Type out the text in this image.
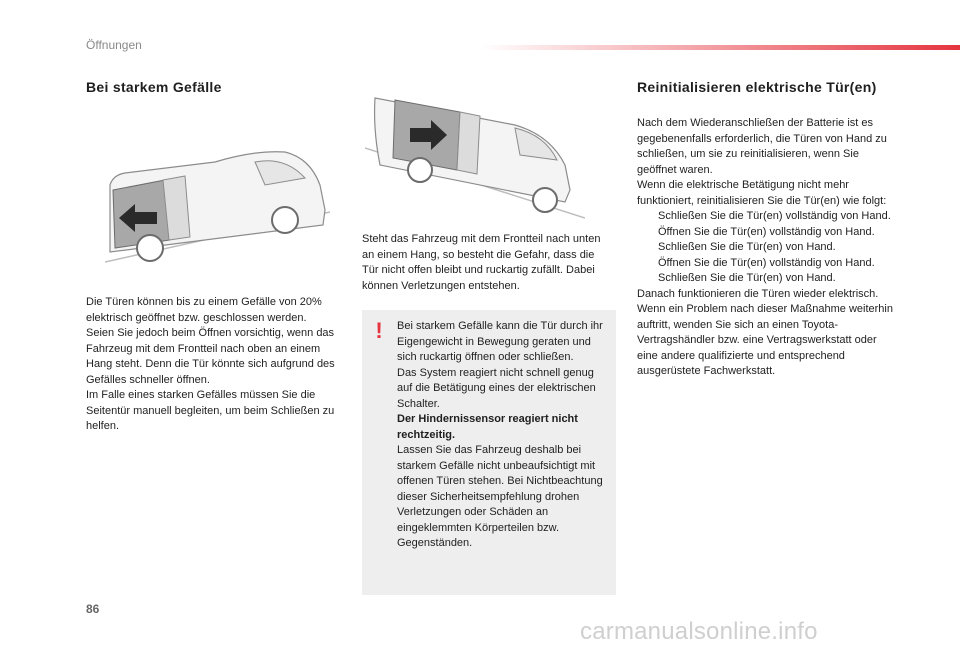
Öffnungen
Bei starkem Gefälle

Die Türen können bis zu einem Gefälle von 20% elektrisch geöffnet bzw. geschlossen werden.

Seien Sie jedoch beim Öffnen vorsichtig, wenn das Fahrzeug mit dem Frontteil nach oben an einem Hang steht. Denn die Tür könnte sich aufgrund des Gefälles schneller öffnen.

Im Falle eines starken Gefälles müssen Sie die Seitentür manuell begleiten, um beim Schließen zu helfen.

Steht das Fahrzeug mit dem Frontteil nach unten an einem Hang, so besteht die Gefahr, dass die Tür nicht offen bleibt und ruckartig zufällt. Dabei können Verletzungen entstehen.
!	Bei starkem Gefälle kann die Tür durch ihr Eigengewicht in Bewegung geraten und sich ruckartig öffnen oder schließen.
Das System reagiert nicht schnell genug auf die Betätigung eines der elektrischen Schalter.
Der Hindernissensor reagiert nicht rechtzeitig.
Lassen Sie das Fahrzeug deshalb bei starkem Gefälle nicht unbeaufsichtigt mit offenen Türen stehen. Bei Nichtbeachtung dieser Sicherheitsempfehlung drohen Verletzungen oder Schäden an eingeklemmten Körperteilen bzw. Gegenständen.
Reinitialisieren elektrische Tür(en)

Nach dem Wiederanschließen der Batterie ist es gegebenenfalls erforderlich, die Türen von Hand zu schließen, um sie zu reinitialisieren, wenn Sie geöffnet waren.

Wenn die elektrische Betätigung nicht mehr funktioniert, reinitialisieren Sie die Tür(en) wie folgt:

Schließen Sie die Tür(en) vollständig von Hand.
Öffnen Sie die Tür(en) vollständig von Hand.
Schließen Sie die Tür(en) von Hand.
Öffnen Sie die Tür(en) vollständig von Hand.
Schließen Sie die Tür(en) von Hand.

Danach funktionieren die Türen wieder elektrisch.

Wenn ein Problem nach dieser Maßnahme weiterhin auftritt, wenden Sie sich an einen Toyota-Vertragshändler bzw. eine Vertragswerkstatt oder eine andere qualifizierte und entsprechend ausgerüstete Fachwerkstatt.

86
carmanualsonline.info
